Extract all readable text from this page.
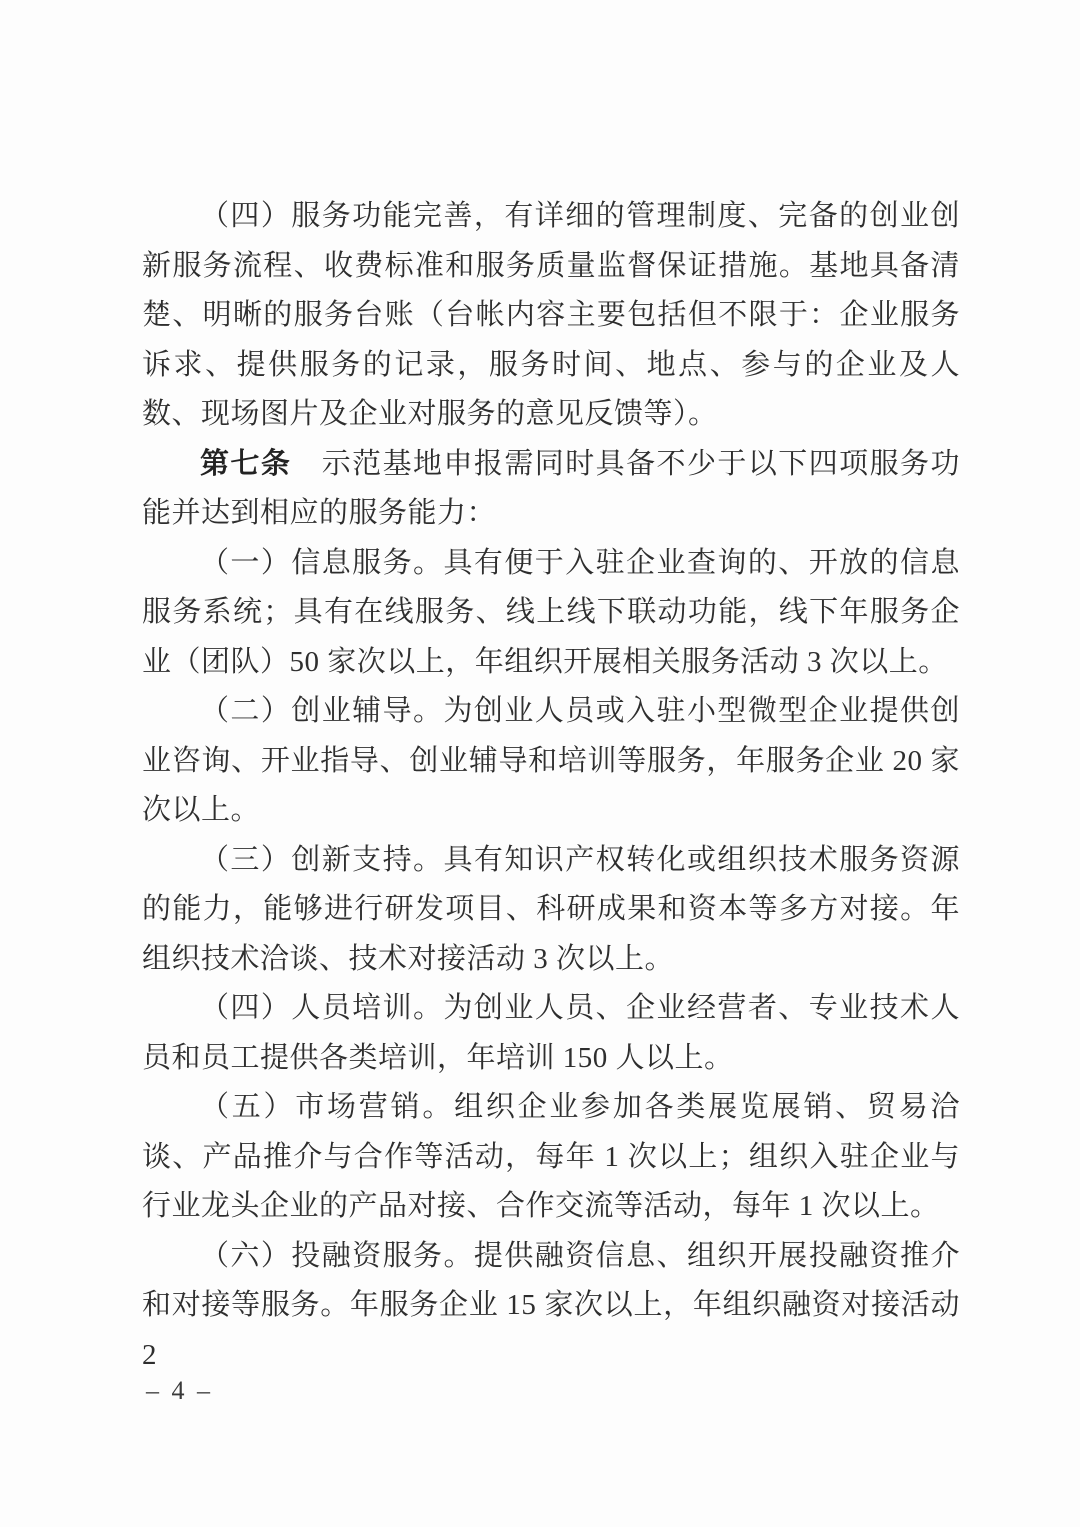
（四）服务功能完善，有详细的管理制度、完备的创业创新服务流程、收费标准和服务质量监督保证措施。基地具备清楚、明晰的服务台账（台帐内容主要包括但不限于：企业服务诉求、提供服务的记录，服务时间、地点、参与的企业及人数、现场图片及企业对服务的意见反馈等）。

第七条　示范基地申报需同时具备不少于以下四项服务功能并达到相应的服务能力：

（一）信息服务。具有便于入驻企业查询的、开放的信息服务系统；具有在线服务、线上线下联动功能，线下年服务企业（团队）50 家次以上，年组织开展相关服务活动 3 次以上。

（二）创业辅导。为创业人员或入驻小型微型企业提供创业咨询、开业指导、创业辅导和培训等服务，年服务企业 20 家次以上。

（三）创新支持。具有知识产权转化或组织技术服务资源的能力，能够进行研发项目、科研成果和资本等多方对接。年组织技术洽谈、技术对接活动 3 次以上。

（四）人员培训。为创业人员、企业经营者、专业技术人员和员工提供各类培训，年培训 150 人以上。

（五）市场营销。组织企业参加各类展览展销、贸易洽谈、产品推介与合作等活动，每年 1 次以上；组织入驻企业与行业龙头企业的产品对接、合作交流等活动，每年 1 次以上。

（六）投融资服务。提供融资信息、组织开展投融资推介和对接等服务。年服务企业 15 家次以上，年组织融资对接活动 2

– 4 –
